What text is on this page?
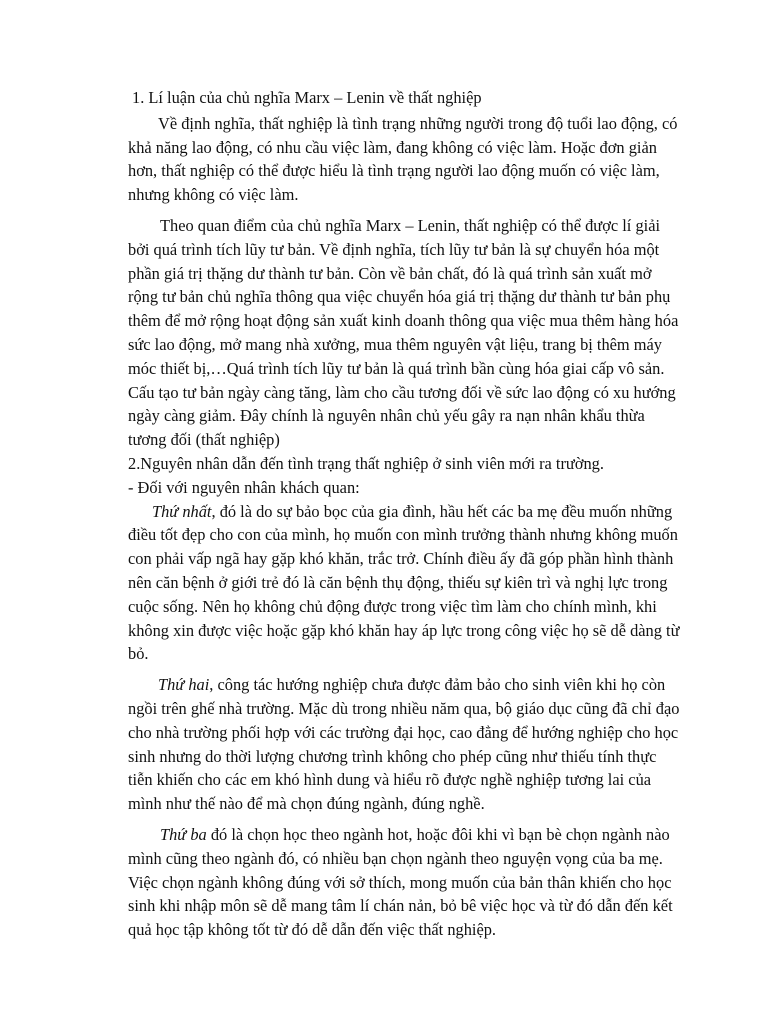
1. Lí luận của chủ nghĩa Marx – Lenin về thất nghiệp

Về định nghĩa, thất nghiệp là tình trạng những người trong độ tuổi lao động, có

khả năng lao động, có nhu cầu việc làm, đang không có việc làm. Hoặc đơn giản

hơn, thất nghiệp có thể được hiểu là tình trạng người lao động muốn có việc làm,

nhưng không có việc làm.

Theo quan điểm của chủ nghĩa Marx – Lenin, thất nghiệp có thể được lí giải

bởi quá trình tích lũy tư bản. Về định nghĩa, tích lũy tư bản là sự chuyển hóa một

phần giá trị thặng dư thành tư bản. Còn về bản chất, đó là quá trình sản xuất mở

rộng tư bản chủ nghĩa thông qua việc chuyển hóa giá trị thặng dư thành tư bản phụ

thêm để mở rộng hoạt động sản xuất kinh doanh thông qua việc mua thêm hàng hóa

sức lao động, mở mang nhà xưởng, mua thêm nguyên vật liệu, trang bị thêm máy

móc thiết bị,…Quá trình tích lũy tư bản là quá trình bần cùng hóa giai cấp vô sản.

Cấu tạo tư bản ngày càng tăng, làm cho cầu tương đối về sức lao động có xu hướng

ngày càng giảm. Đây chính là nguyên nhân chủ yếu gây ra nạn nhân khẩu thừa

tương đối (thất nghiệp)

2.Nguyên nhân dẫn đến tình trạng thất nghiệp ở sinh viên mới ra trường.

- Đối với nguyên nhân khách quan:

Thứ nhất, đó là do sự bảo bọc của gia đình, hầu hết các ba mẹ đều muốn những

điều tốt đẹp cho con của mình, họ muốn con mình trưởng thành nhưng không muốn

con phải vấp ngã hay gặp khó khăn, trắc trở. Chính điều ấy đã góp phần hình thành

nên căn bệnh ở giới trẻ đó là căn bệnh thụ động, thiếu sự kiên trì và nghị lực trong

cuộc sống. Nên họ không chủ động được trong việc tìm làm cho chính mình, khi

không xin được việc hoặc gặp khó khăn hay áp lực trong công việc họ sẽ dễ dàng từ

bỏ.

Thứ hai, công tác hướng nghiệp chưa được đảm bảo cho sinh viên khi họ còn

ngồi trên ghế nhà trường. Mặc dù trong nhiều năm qua, bộ giáo dục cũng đã chỉ đạo

cho nhà trường phối hợp với các trường đại học, cao đẳng để hướng nghiệp cho học

sinh nhưng do thời lượng chương trình không cho phép cũng như thiếu tính thực

tiễn khiến cho các em khó hình dung và hiểu rõ được nghề nghiệp tương lai của

mình như thế nào để mà chọn đúng ngành, đúng nghề.

Thứ ba đó là chọn học theo ngành hot, hoặc đôi khi vì bạn bè chọn ngành nào

mình cũng theo ngành đó, có nhiều bạn chọn ngành theo nguyện vọng của ba mẹ.

Việc chọn ngành không đúng với sở thích, mong muốn của bản thân khiến cho học

sinh khi nhập môn sẽ dễ mang tâm lí chán nản, bỏ bê việc học và từ đó dẫn đến kết

quả học tập không tốt từ đó dễ dẫn đến việc thất nghiệp.
